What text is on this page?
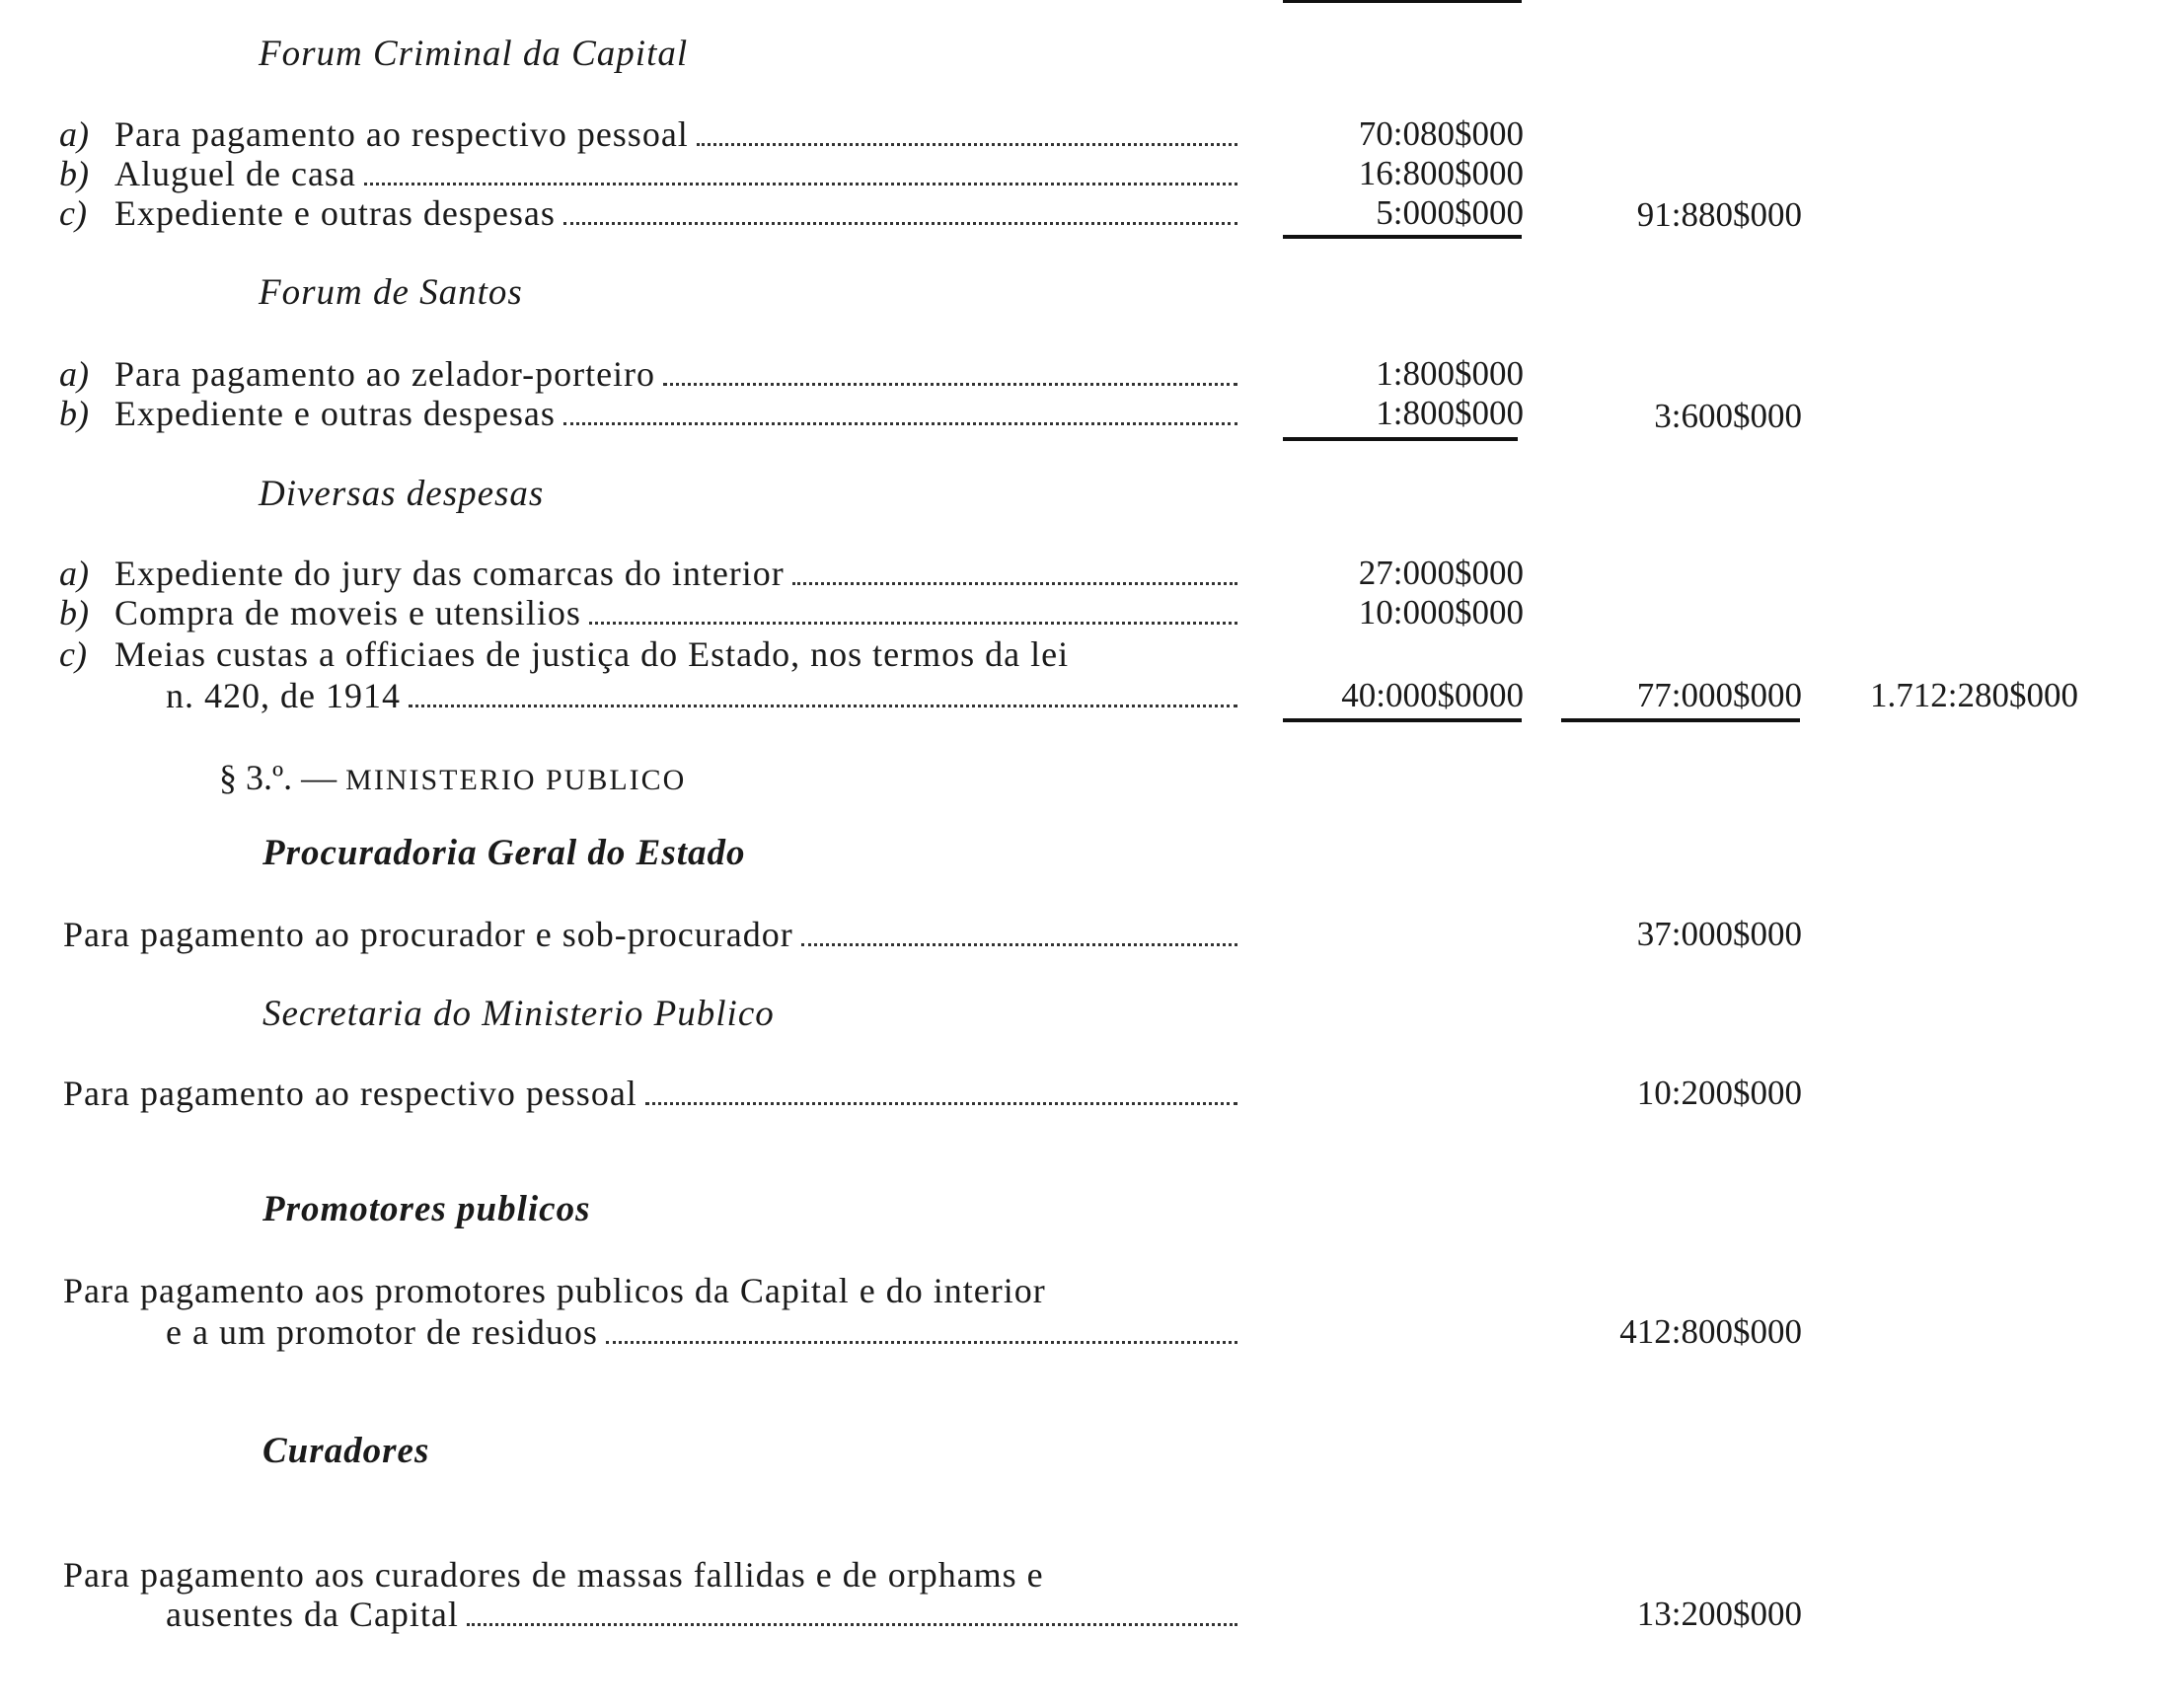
Forum Criminal da Capital
a) Para pagamento ao respectivo pessoal	70:080$000
b) Aluguel de casa	16:800$000
c) Expediente e outras despesas	5:000$000	91:880$000
Forum de Santos
a) Para pagamento ao zelador-porteiro	1:800$000
b) Expediente e outras despesas	1:800$000	3:600$000
Diversas despesas
a) Expediente do jury das comarcas do interior	27:000$000
b) Compra de moveis e utensilios	10:000$000
c) Meias custas a officiaes de justiça do Estado, nos termos da lei
n. 420, de 1914	40:000$0000	77:000$000 1.712:280$000
§ 3.º. — MINISTERIO PUBLICO
Procuradoria Geral do Estado
Para pagamento ao procurador e sob-procurador	37:000$000
Secretaria do Ministerio Publico
Para pagamento ao respectivo pessoal	10:200$000
Promotores publicos
Para pagamento aos promotores publicos da Capital e do interior
e a um promotor de residuos	412:800$000
Curadores
Para pagamento aos curadores de massas fallidas e de orphams e
ausentes da Capital	13:200$000
